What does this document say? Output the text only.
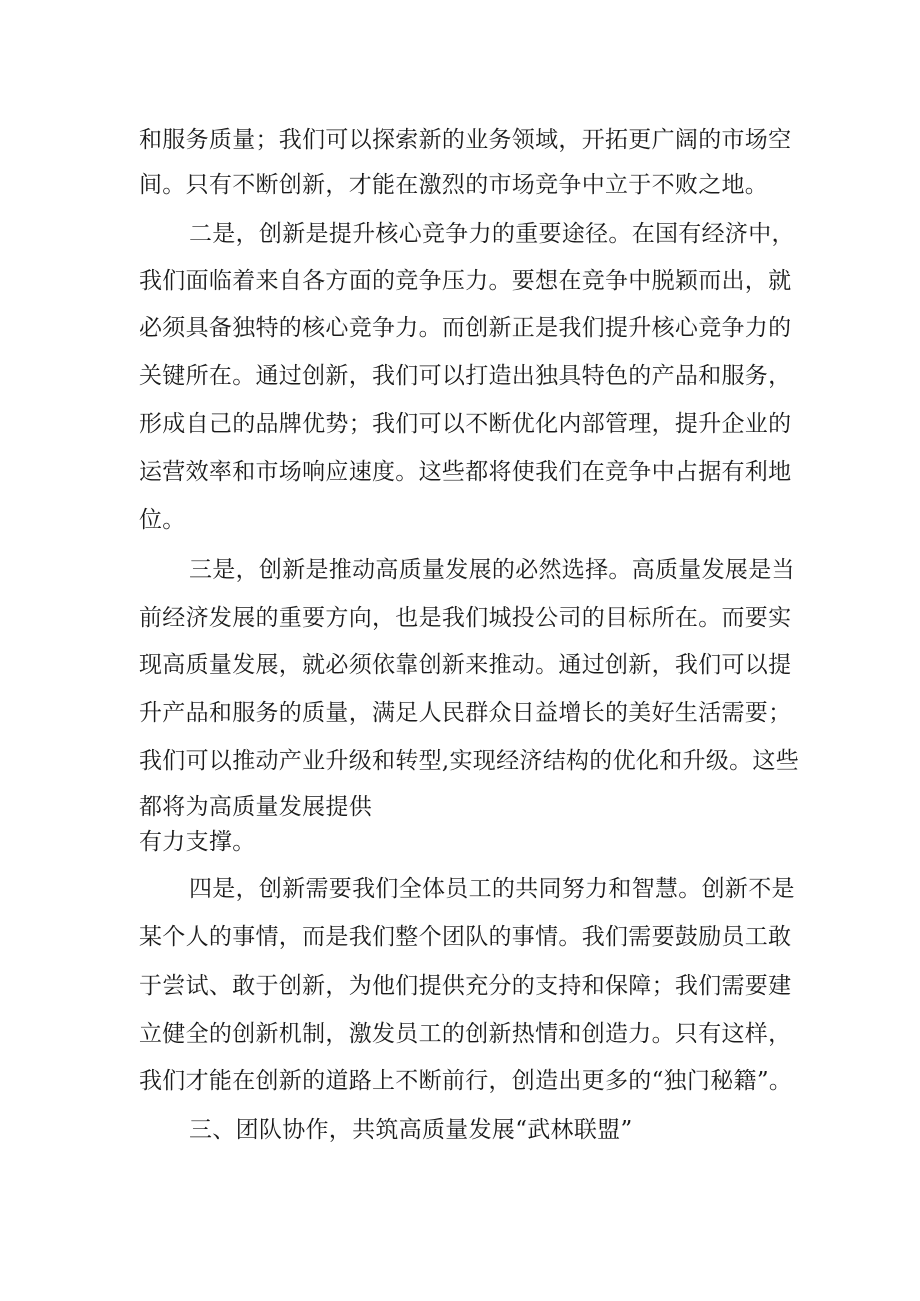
和服务质量；我们可以探索新的业务领域，开拓更广阔的市场空
间。只有不断创新，才能在激烈的市场竞争中立于不败之地。
二是，创新是提升核心竞争力的重要途径。在国有经济中，
我们面临着来自各方面的竞争压力。要想在竞争中脱颖而出，就
必须具备独特的核心竞争力。而创新正是我们提升核心竞争力的
关键所在。通过创新，我们可以打造出独具特色的产品和服务，
形成自己的品牌优势；我们可以不断优化内部管理，提升企业的
运营效率和市场响应速度。这些都将使我们在竞争中占据有利地
位。
三是，创新是推动高质量发展的必然选择。高质量发展是当
前经济发展的重要方向，也是我们城投公司的目标所在。而要实
现高质量发展，就必须依靠创新来推动。通过创新，我们可以提
升产品和服务的质量，满足人民群众日益增长的美好生活需要；
我们可以推动产业升级和转型,实现经济结构的优化和升级。这些
都将为高质量发展提供
有力支撑。
四是，创新需要我们全体员工的共同努力和智慧。创新不是
某个人的事情，而是我们整个团队的事情。我们需要鼓励员工敢
于尝试、敢于创新，为他们提供充分的支持和保障；我们需要建
立健全的创新机制，激发员工的创新热情和创造力。只有这样，
我们才能在创新的道路上不断前行，创造出更多的“独门秘籍”。
三、团队协作，共筑高质量发展“武林联盟”
